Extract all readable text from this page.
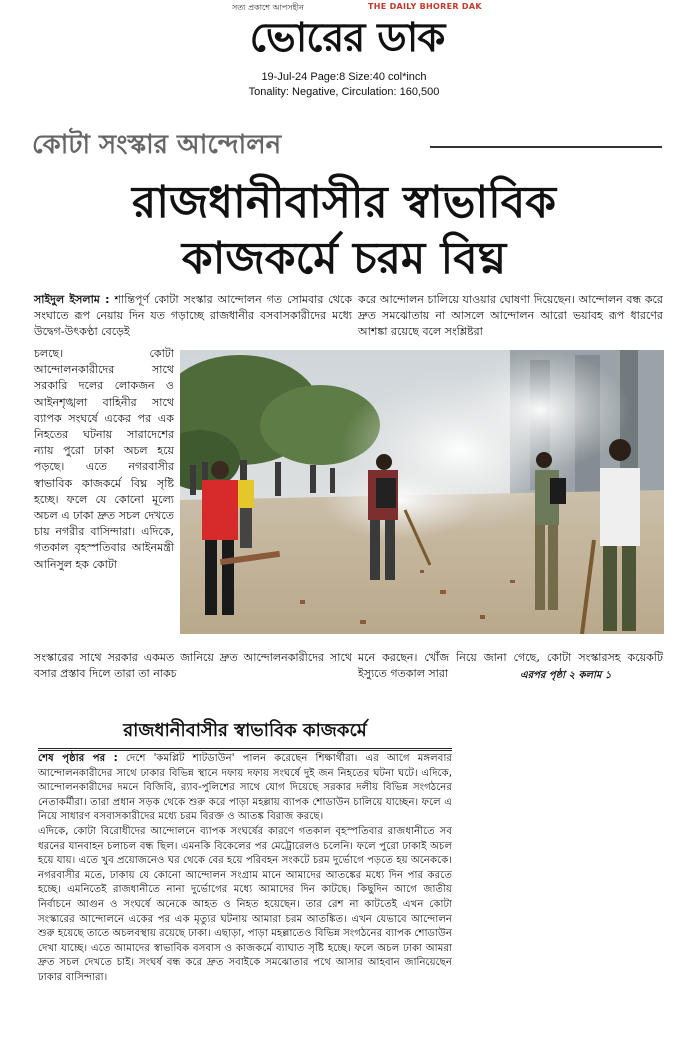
সত্য প্রকাশে আপসহীন	THE DAILY BHORER DAK
ভোরের ডাক
19-Jul-24 Page:8 Size:40 col*inch
Tonality: Negative, Circulation: 160,500
কোটা সংস্কার আন্দোলন
রাজধানীবাসীর স্বাভাবিক
কাজকর্মে চরম বিঘ্ন
সাইদুল ইসলাম : শান্তিপূর্ণ কোটা সংস্কার আন্দোলন গত সোমবার থেকে সংঘাতে রূপ নেয়ায় দিন যত গড়াচ্ছে রাজধানীর বসবাসকারীদের মধ্যে উদ্বেগ-উৎকণ্ঠা বেড়েই
করে আন্দোলন চালিয়ে যাওয়ার ঘোষণা দিয়েছেন। আন্দোলন বন্ধ করে দ্রুত সমঝোতায় না আসলে আন্দোলন আরো ভয়াবহ রূপ ধারণের আশঙ্কা রয়েছে বলে সংশ্লিষ্টরা
চলছে। কোটা আন্দোলনকারীদের সাথে সরকারি দলের লোকজন ও আইনশৃঙ্খলা বাহিনীর সাথে ব্যাপক সংঘর্ষে একের পর এক নিহতের ঘটনায় সারাদেশের ন্যায় পুরো ঢাকা অচল হয়ে পড়ছে। এতে নগরবাসীর স্বাভাবিক কাজকর্মে বিঘ্ন সৃষ্টি হচ্ছে। ফলে যে কোনো মূল্যে অচল এ ঢাকা দ্রুত সচল দেখতে চায় নগরীর বাসিন্দারা। এদিকে, গতকাল বৃহস্পতিবার আইনমন্ত্রী আনিসুল হক কোটা
সংস্কারের সাথে সরকার একমত জানিয়ে দ্রুত আন্দোলনকারীদের সাথে বসার প্রস্তাব দিলে তারা তা নাকচ
মনে করছেন। খোঁজ নিয়ে জানা গেছে, কোটা সংস্কারসহ কয়েকটি ইস্যুতে গতকাল সারা	এরপর পৃষ্ঠা ২ কলাম ১
রাজধানীবাসীর স্বাভাবিক কাজকর্মে

শেষ পৃষ্ঠার পর : দেশে 'কমপ্লিট শাটডাউন' পালন করেছেন শিক্ষার্থীরা। এর আগে মঙ্গলবার আন্দোলনকারীদের সাথে ঢাকার বিভিন্ন স্থানে দফায় দফায় সংঘর্ষে দুই জন নিহতের ঘটনা ঘটে। এদিকে, আন্দোলনকারীদের দমনে বিজিবি, র‍্যাব-পুলিশের সাথে যোগ দিয়েছে সরকার দলীয় বিভিন্ন সংগঠনের নেতাকর্মীরা। তারা প্রধান সড়ক থেকে শুরু করে পাড়া মহল্লায় ব্যাপক শোডাউন চালিয়ে যাচ্ছেন। ফলে এ নিয়ে সাধারণ বসবাসকারীদের মধ্যে চরম বিরক্ত ও আতঙ্ক বিরাজ করছে।

এদিকে, কোটা বিরোধীদের আন্দোলনে ব্যাপক সংঘর্ষের কারণে গতকাল বৃহস্পতিবার রাজধানীতে সব ধরনের যানবাহন চলাচল বন্ধ ছিল। এমনকি বিকেলের পর মেট্রোরেলও চলেনি। ফলে পুরো ঢাকাই অচল হয়ে যায়। এতে খুব প্রয়োজনেও ঘর থেকে বের হয়ে পরিবহন সংকটে চরম দুর্ভোগে পড়তে হয় অনেককে। নগরবাসীর মতে, ঢাকায় যে কোনো আন্দোলন সংগ্রাম মানে আমাদের আতঙ্কের মধ্যে দিন পার করতে হচ্ছে। এমনিতেই রাজধানীতে নানা দুর্ভোগের মধ্যে আমাদের দিন কাটছে। কিছুদিন আগে জাতীয় নির্বাচনে আগুন ও সংঘর্ষে অনেকে আহত ও নিহত হয়েছেন। তার রেশ না কাটতেই এখন কোটা সংস্কারের আন্দোলনে একের পর এক মৃত্যুর ঘটনায় আমারা চরম আতঙ্কিত। এখন যেভাবে আন্দোলন শুরু হয়েছে তাতে অচলবস্থায় রয়েছে ঢাকা। এছাড়া, পাড়া মহল্লাতেও বিভিন্ন সংগঠনের ব্যাপক শোডাউন দেখা যাচ্ছে। এতে আমাদের স্বাভাবিক বসবাস ও কাজকর্মে ব্যাঘাত সৃষ্টি হচ্ছে। ফলে অচল ঢাকা আমরা দ্রুত সচল দেখতে চাই। সংঘর্ষ বন্ধ করে দ্রুত সবাইকে সমঝোতার পথে আসার আহবান জানিয়েছেন ঢাকার বাসিন্দারা।
